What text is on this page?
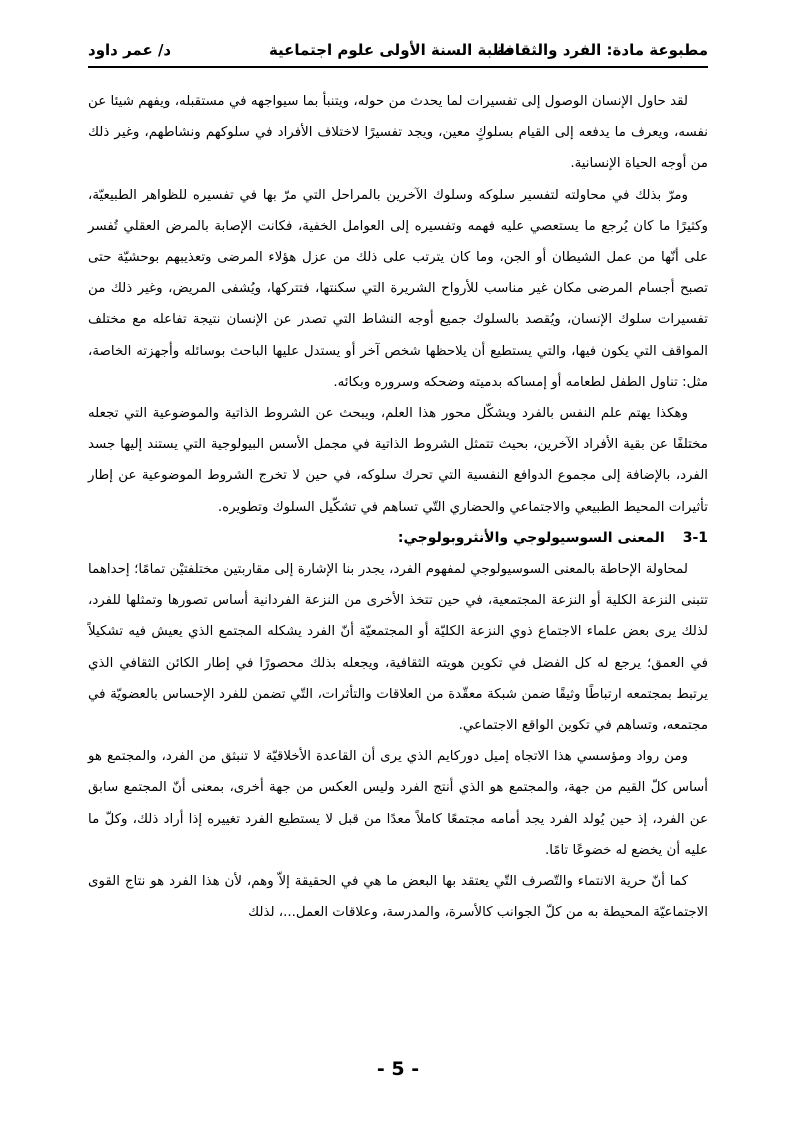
مطبوعة مادة: الفرد والثقافة
طلبة السنة الأولى علوم اجتماعية
د/ عمر داود

لقد حاول الإنسان الوصول إلى تفسيرات لما يحدث من حوله، ويتنبأ بما سيواجهه في مستقبله، ويفهم شيئا عن نفسه، ويعرف ما يدفعه إلى القيام بسلوكٍ معين، ويجد تفسيرًا لاختلاف الأفراد في سلوكهم ونشاطهم، وغير ذلك من أوجه الحياة الإنسانية.

ومرّ بذلك في محاولته لتفسير سلوكه وسلوك الآخرين بالمراحل التي مرّ بها في تفسيره للظواهر الطبيعيّة، وكثيرًا ما كان يُرجع ما يستعصي عليه فهمه وتفسيره إلى العوامل الخفية، فكانت الإصابة بالمرض العقلي تُفسر على أنّها من عمل الشيطان أو الجن، وما كان يترتب على ذلك من عزل هؤلاء المرضى وتعذيبهم بوحشيّة حتى تصبح أجسام المرضى مكان غير مناسب للأرواح الشريرة التي سكنتها، فتتركها، ويُشفى المريض، وغير ذلك من تفسيرات سلوك الإنسان، ويُقصد بالسلوك جميع أوجه النشاط التي تصدر عن الإنسان نتيجة تفاعله مع مختلف المواقف التي يكون فيها، والتي يستطيع أن يلاحظها شخص آخر أو يستدل عليها الباحث بوسائله وأجهزته الخاصة، مثل: تناول الطفل لطعامه أو إمساكه بدميته وضحكه وسروره وبكائه.

وهكذا يهتم علم النفس بالفرد ويشكّل محور هذا العلم، ويبحث عن الشروط الذاتية والموضوعية التي تجعله مختلفًا عن بقية الأفراد الآخرين، بحيث تتمثل الشروط الذاتية في مجمل الأسس البيولوجية التي يستند إليها جسد الفرد، بالإضافة إلى مجموع الدوافع النفسية التي تحرك سلوكه، في حين لا تخرج الشروط الموضوعية عن إطار تأثيرات المحيط الطبيعي والاجتماعي والحضاري التّي تساهم في تشكّيل السلوك وتطويره.

3-1المعنى السوسيولوجي والأنثروبولوجي:

لمحاولة الإحاطة بالمعنى السوسيولوجي لمفهوم الفرد، يجدر بنا الإشارة إلى مقاربتين مختلفتيْن تمامًا؛ إحداهما تتبنى النزعة الكلية أو النزعة المجتمعية، في حين تتخذ الأخرى من النزعة الفردانية أساس تصورها وتمثلها للفرد، لذلك يرى بعض علماء الاجتماع ذوي النزعة الكليّة أو المجتمعيّة أنّ الفرد يشكله المجتمع الذي يعيش فيه تشكيلاً في العمق؛ يرجع له كل الفضل في تكوين هويته الثقافية، ويجعله بذلك محصورًا في إطار الكائن الثقافي الذي يرتبط بمجتمعه ارتباطًا وثيقًا ضمن شبكة معقّدة من العلاقات والتأثرات، التّي تضمن للفرد الإحساس بالعضويّة في مجتمعه، وتساهم في تكوين الواقع الاجتماعي.

ومن رواد ومؤسسي هذا الاتجاه إميل دوركايم الذي يرى أن القاعدة الأخلاقيّة لا تنبثق من الفرد، والمجتمع هو أساس كلّ القيم من جهة، والمجتمع هو الذي أنتج الفرد وليس العكس من جهة أخرى، بمعنى أنّ المجتمع سابق عن الفرد، إذ حين يُولد الفرد يجد أمامه مجتمعًا كاملاً معدًا من قبل لا يستطيع الفرد تغييره إذا أراد ذلك، وكلّ ما عليه أن يخضع له خضوعًا تامًا.

كما أنّ حرية الانتماء والتّصرف التّي يعتقد بها البعض ما هي في الحقيقة إلاّ وهم، لأن هذا الفرد هو نتاج القوى الاجتماعيّة المحيطة به من كلّ الجوانب كالأسرة، والمدرسة، وعلاقات العمل...، لذلك

- 5 -
